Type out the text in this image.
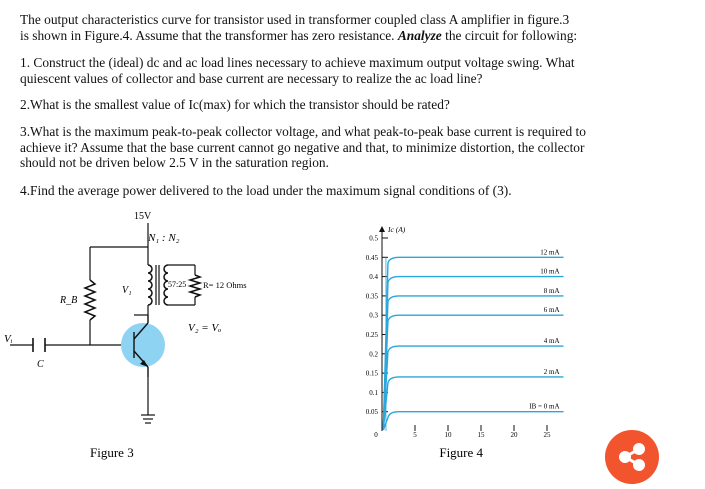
The output characteristics curve for transistor used in transformer coupled class A amplifier in figure.3
is shown in Figure.4. Assume that the transformer has zero resistance. Analyze the circuit for following:
1. Construct the (ideal) dc and ac load lines necessary to achieve maximum output voltage swing. What
quiescent values of collector and base current are necessary to realize the ac load line?
2.What is the smallest value of Ic(max) for which the transistor should be rated?
3.What is the maximum peak-to-peak collector voltage, and what peak-to-peak base current is required to
achieve it? Assume that the base current cannot go negative and that, to minimize distortion, the collector
should not be driven below 2.5 V in the saturation region.
4.Find the average power delivered to the load under the maximum signal conditions of (3).
15V
N₁ : N₂
57:25 R= 12 Ohms
V₁
V₂ = Vₒ
R_B
Vᵢ
C
Figure 3
Ic (A)
0.05
0.1
0.15
0.2
0.25
0.3
0.35
0.4
0.45
0.5
0	5	10	15	20	25
12 mA
10 mA
8 mA
6 mA
4 mA
2 mA
IB = 0 mA
Figure 4
